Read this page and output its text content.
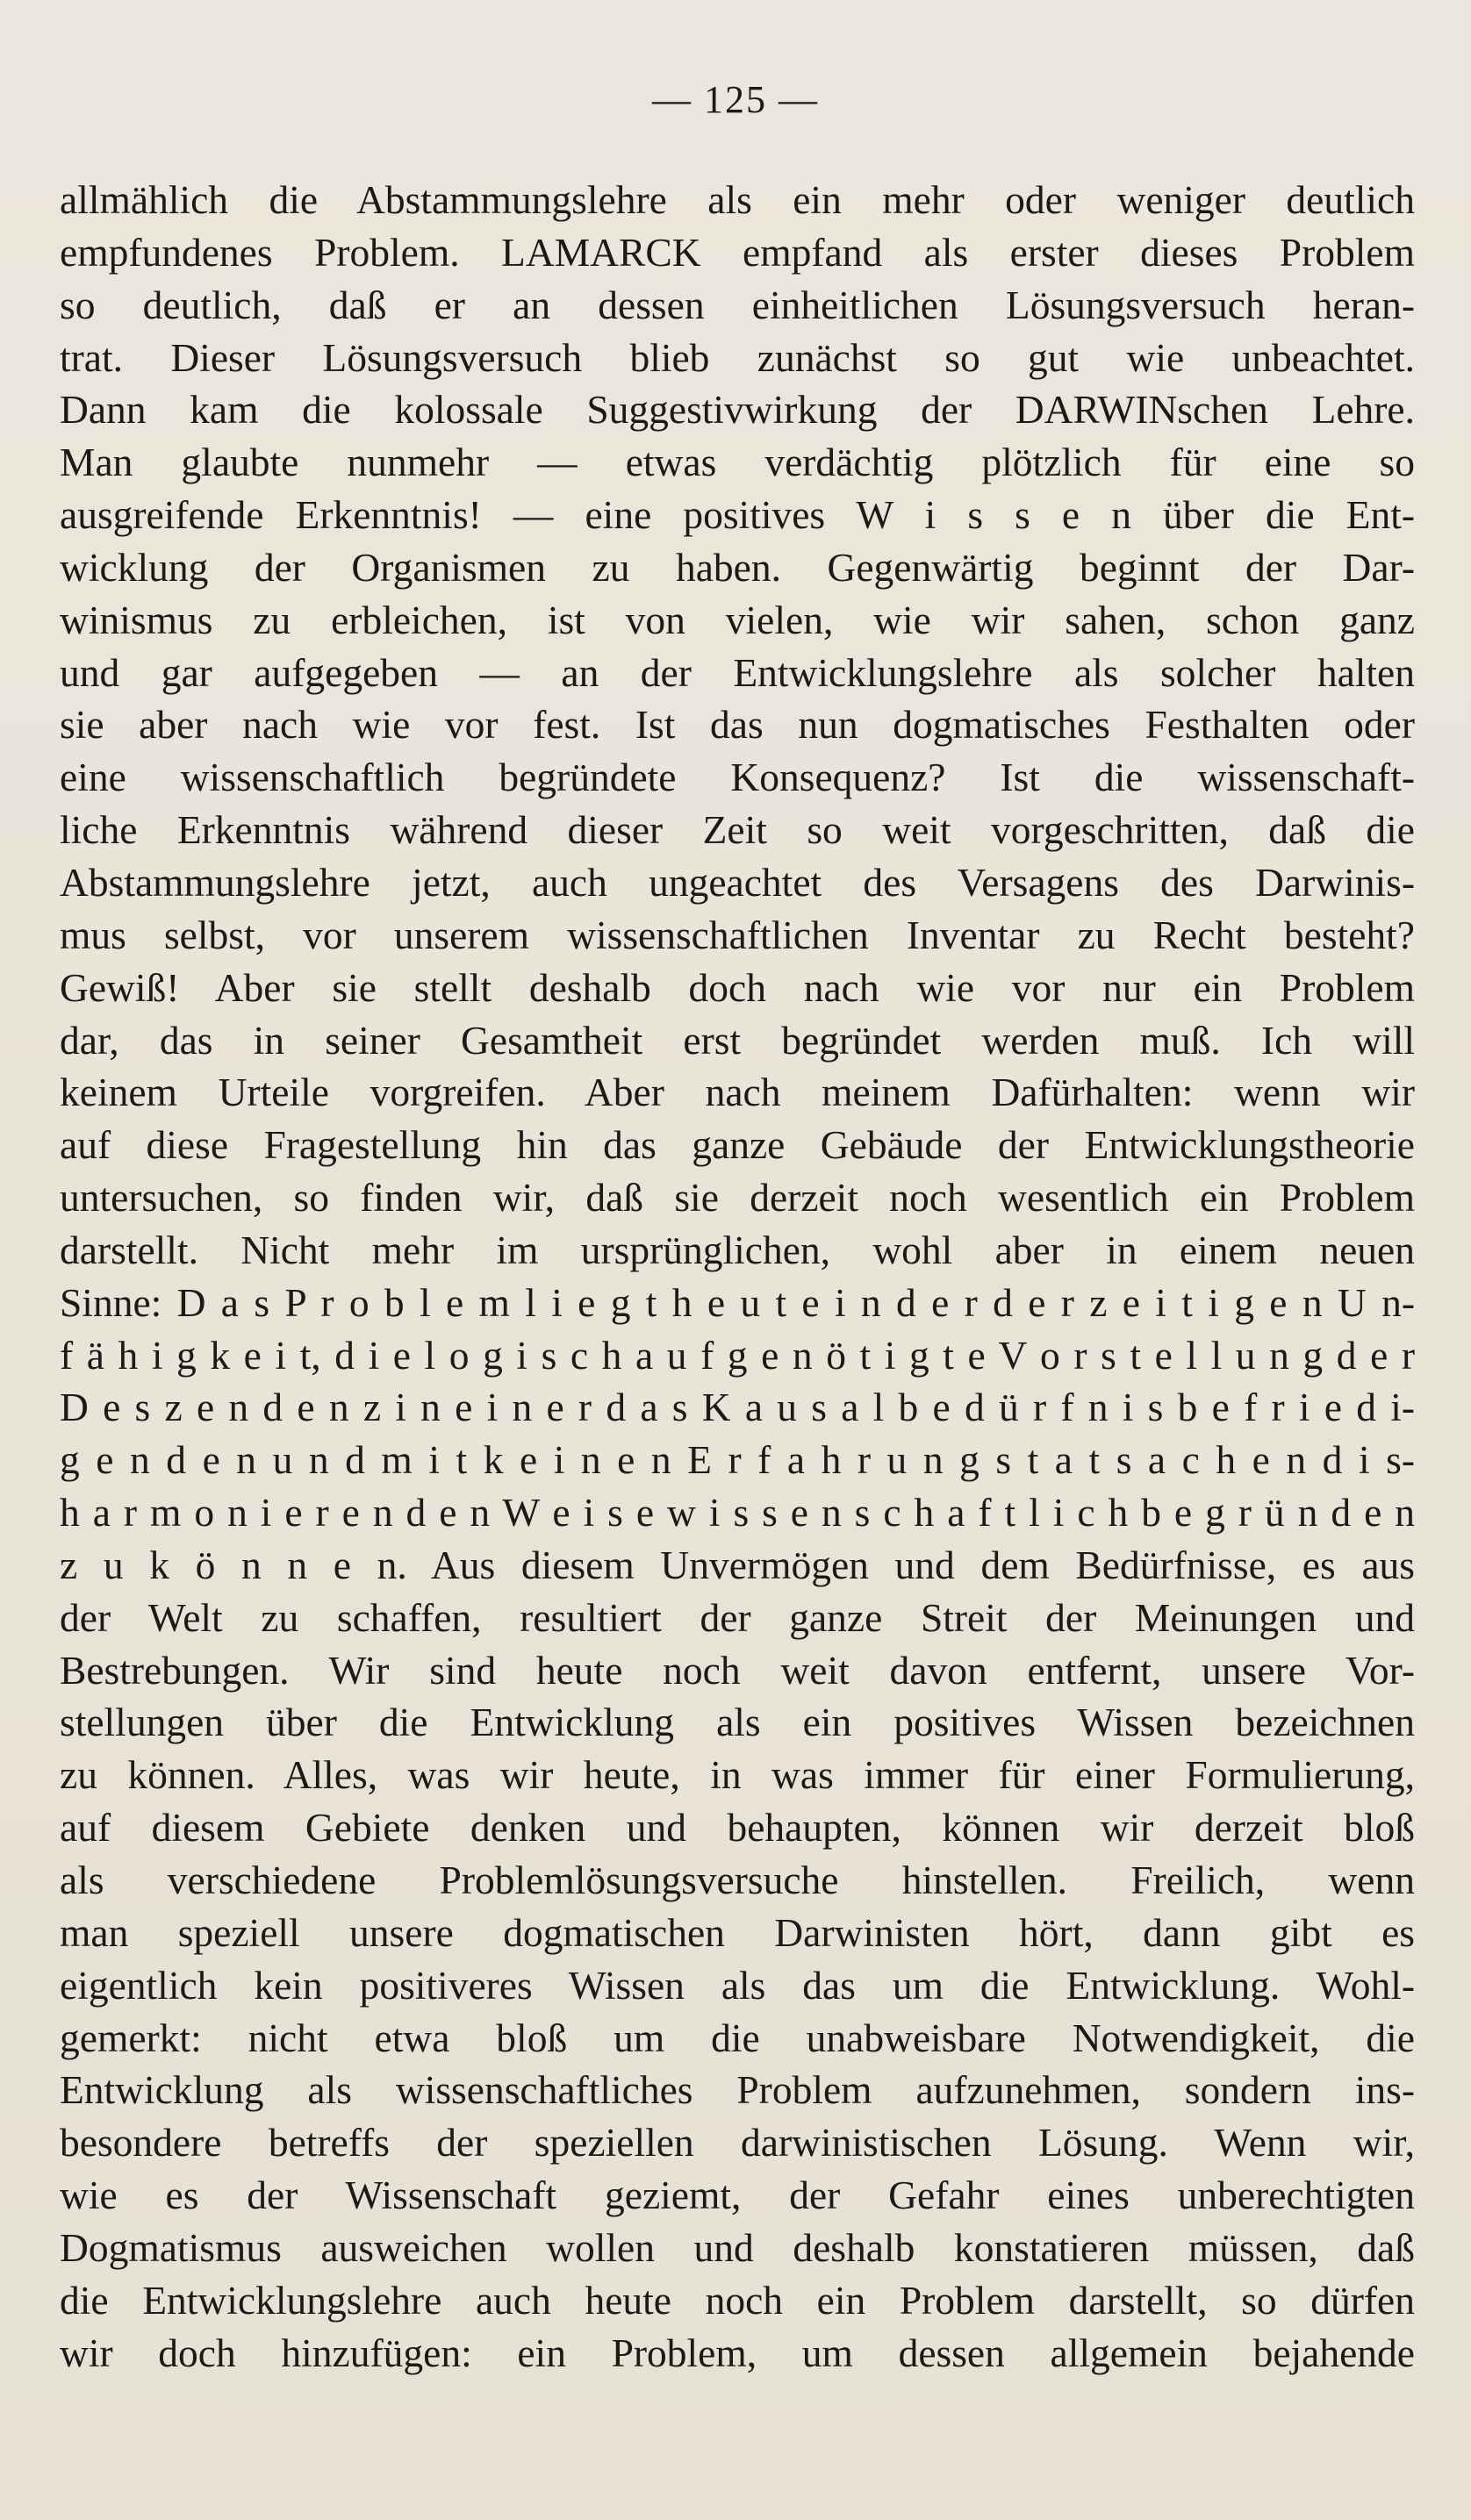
— 125 —
allmählich die Abstammungslehre als ein mehr oder weniger deutlich
empfundenes Problem. LAMARCK empfand als erster dieses Problem
so deutlich, daß er an dessen einheitlichen Lösungsversuch heran-
trat. Dieser Lösungsversuch blieb zunächst so gut wie unbeachtet.
Dann kam die kolossale Suggestivwirkung der DARWINschen Lehre.
Man glaubte nunmehr — etwas verdächtig plötzlich für eine so
ausgreifende Erkenntnis! — eine positives W i s s e n über die Ent-
wicklung der Organismen zu haben. Gegenwärtig beginnt der Dar-
winismus zu erbleichen, ist von vielen, wie wir sahen, schon ganz
und gar aufgegeben — an der Entwicklungslehre als solcher halten
sie aber nach wie vor fest. Ist das nun dogmatisches Festhalten oder
eine wissenschaftlich begründete Konsequenz? Ist die wissenschaft-
liche Erkenntnis während dieser Zeit so weit vorgeschritten, daß die
Abstammungslehre jetzt, auch ungeachtet des Versagens des Darwinis-
mus selbst, vor unserem wissenschaftlichen Inventar zu Recht besteht?
Gewiß! Aber sie stellt deshalb doch nach wie vor nur ein Problem
dar, das in seiner Gesamtheit erst begründet werden muß. Ich will
keinem Urteile vorgreifen. Aber nach meinem Dafürhalten: wenn wir
auf diese Fragestellung hin das ganze Gebäude der Entwicklungstheorie
untersuchen, so finden wir, daß sie derzeit noch wesentlich ein Problem
darstellt. Nicht mehr im ursprünglichen, wohl aber in einem neuen
Sinne: D a s P r o b l e m l i e g t h e u t e i n d e r d e r z e i t i g e n U n-
f ä h i g k e i t, d i e l o g i s c h a u f g e n ö t i g t e V o r s t e l l u n g d e r
D e s z e n d e n z i n e i n e r d a s K a u s a l b e d ü r f n i s b e f r i e d i-
g e n d e n u n d m i t k e i n e n E r f a h r u n g s t a t s a c h e n d i s-
h a r m o n i e r e n d e n W e i s e w i s s e n s c h a f t l i c h b e g r ü n d e n
z u k ö n n e n. Aus diesem Unvermögen und dem Bedürfnisse, es aus
der Welt zu schaffen, resultiert der ganze Streit der Meinungen und
Bestrebungen. Wir sind heute noch weit davon entfernt, unsere Vor-
stellungen über die Entwicklung als ein positives Wissen bezeichnen
zu können. Alles, was wir heute, in was immer für einer Formulierung,
auf diesem Gebiete denken und behaupten, können wir derzeit bloß
als verschiedene Problemlösungsversuche hinstellen. Freilich, wenn
man speziell unsere dogmatischen Darwinisten hört, dann gibt es
eigentlich kein positiveres Wissen als das um die Entwicklung. Wohl-
gemerkt: nicht etwa bloß um die unabweisbare Notwendigkeit, die
Entwicklung als wissenschaftliches Problem aufzunehmen, sondern ins-
besondere betreffs der speziellen darwinistischen Lösung. Wenn wir,
wie es der Wissenschaft geziemt, der Gefahr eines unberechtigten
Dogmatismus ausweichen wollen und deshalb konstatieren müssen, daß
die Entwicklungslehre auch heute noch ein Problem darstellt, so dürfen
wir doch hinzufügen: ein Problem, um dessen allgemein bejahende
